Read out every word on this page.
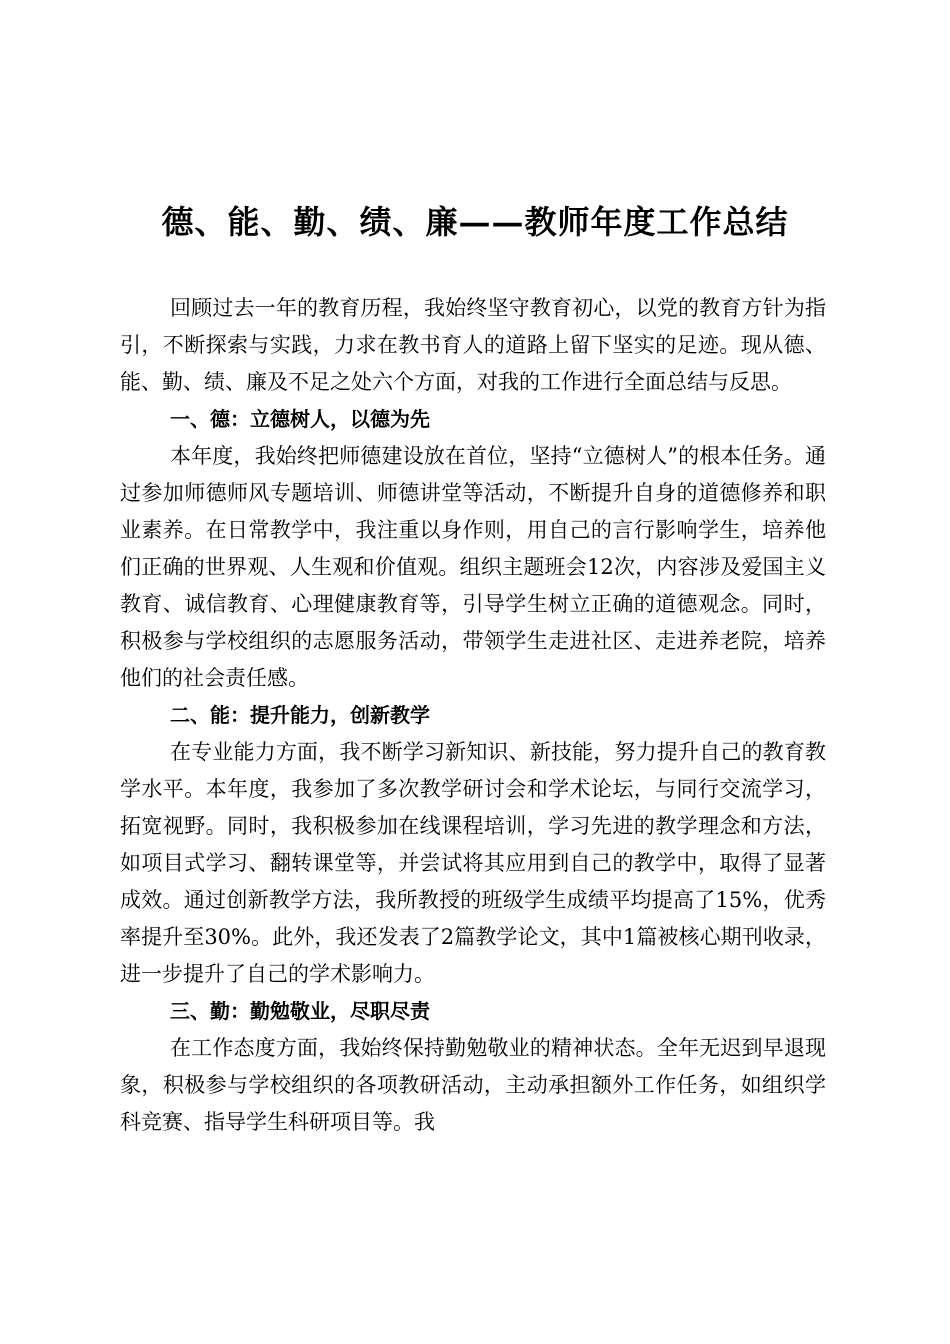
德、能、勤、绩、廉——教师年度工作总结

回顾过去一年的教育历程，我始终坚守教育初心，以党的教育方针为指引，不断探索与实践，力求在教书育人的道路上留下坚实的足迹。现从德、能、勤、绩、廉及不足之处六个方面，对我的工作进行全面总结与反思。

一、德：立德树人，以德为先

本年度，我始终把师德建设放在首位，坚持“立德树人”的根本任务。通过参加师德师风专题培训、师德讲堂等活动，不断提升自身的道德修养和职业素养。在日常教学中，我注重以身作则，用自己的言行影响学生，培养他们正确的世界观、人生观和价值观。组织主题班会12次，内容涉及爱国主义教育、诚信教育、心理健康教育等，引导学生树立正确的道德观念。同时，积极参与学校组织的志愿服务活动，带领学生走进社区、走进养老院，培养他们的社会责任感。

二、能：提升能力，创新教学

在专业能力方面，我不断学习新知识、新技能，努力提升自己的教育教学水平。本年度，我参加了多次教学研讨会和学术论坛，与同行交流学习，拓宽视野。同时，我积极参加在线课程培训，学习先进的教学理念和方法，如项目式学习、翻转课堂等，并尝试将其应用到自己的教学中，取得了显著成效。通过创新教学方法，我所教授的班级学生成绩平均提高了15%，优秀率提升至30%。此外，我还发表了2篇教学论文，其中1篇被核心期刊收录，进一步提升了自己的学术影响力。

三、勤：勤勉敬业，尽职尽责

在工作态度方面，我始终保持勤勉敬业的精神状态。全年无迟到早退现象，积极参与学校组织的各项教研活动，主动承担额外工作任务，如组织学科竞赛、指导学生科研项目等。我
